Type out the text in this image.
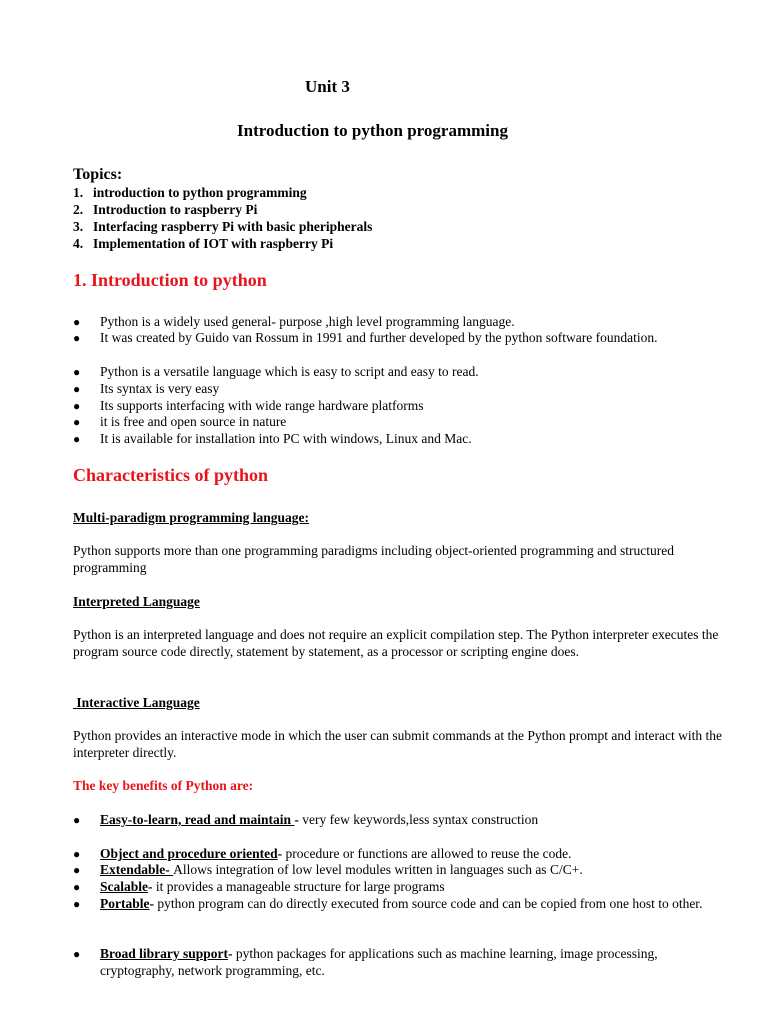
Unit 3
Introduction to python programming
Topics:
1. introduction to python programming
2. Introduction to raspberry Pi
3. Interfacing raspberry Pi with basic pheripherals
4. Implementation of IOT with raspberry Pi
1. Introduction to python
● Python is a widely used general- purpose ,high level programming language.
● It was created by Guido van Rossum in 1991 and further developed by the python software foundation.
● Python is a versatile language which is easy to script and easy to read.
● Its syntax is very easy
● Its supports interfacing with wide range hardware platforms
● it is free and open source in nature
● It is available for installation into PC with windows, Linux and Mac.
Characteristics of python
Multi-paradigm programming language:
Python supports more than one programming paradigms including object-oriented programming and structured programming
Interpreted Language
Python is an interpreted language and does not require an explicit compilation step. The Python interpreter executes the program source code directly, statement by statement, as a processor or scripting engine does.
Interactive Language
Python provides an interactive mode in which the user can submit commands at the Python prompt and interact with the interpreter directly.
The key benefits of Python are:
● Easy-to-learn, read and maintain - very few keywords,less syntax construction
● Object and procedure oriented- procedure or functions are allowed to reuse the code.
● Extendable- Allows integration of low level modules written in languages such as C/C+.
● Scalable- it provides a manageable structure for large programs
● Portable- python program can do directly executed from source code and can be copied from one host to other.
● Broad library support- python packages for applications such as machine learning, image processing, cryptography, network programming, etc.
